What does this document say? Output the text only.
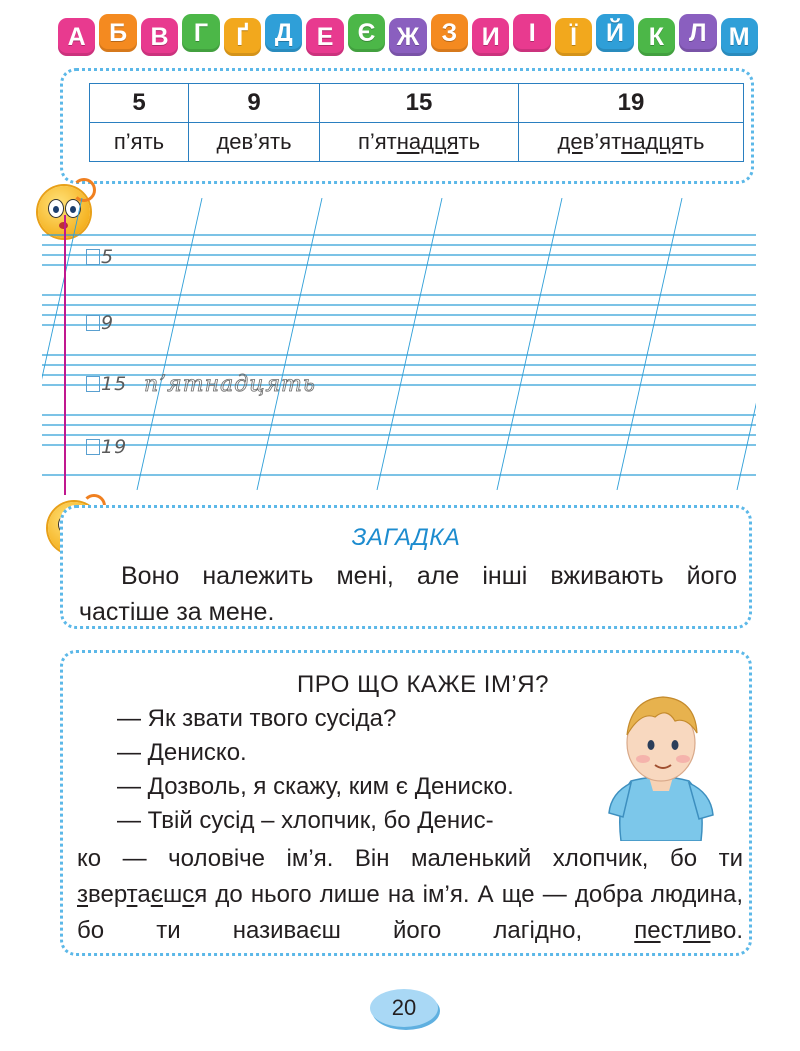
А Б В	Г	Ґ	Д Е Є Ж З И	І	Ї	Й К	Л М
5	9	15	19
п’ять	дев’ять	п’ятнадцять	дев’ятнадцять
5
9
15 п’ятнадцять
19
ЗАГАДКА
Воно належить мені, але інші вживають його частіше за мене.
ПРО ЩО КАЖЕ ІМ’Я?
— Як звати твого сусіда?
— Дениско.
— Дозволь, я скажу, ким є Дениско.
— Твій сусід – хлопчик, бо Денис-
ко — чоловіче ім’я. Він маленький хлопчик, бо ти звертаєшся до нього лише на ім’я. А ще — добра людина, бо ти називаєш його лагідно, пестливо.
20
